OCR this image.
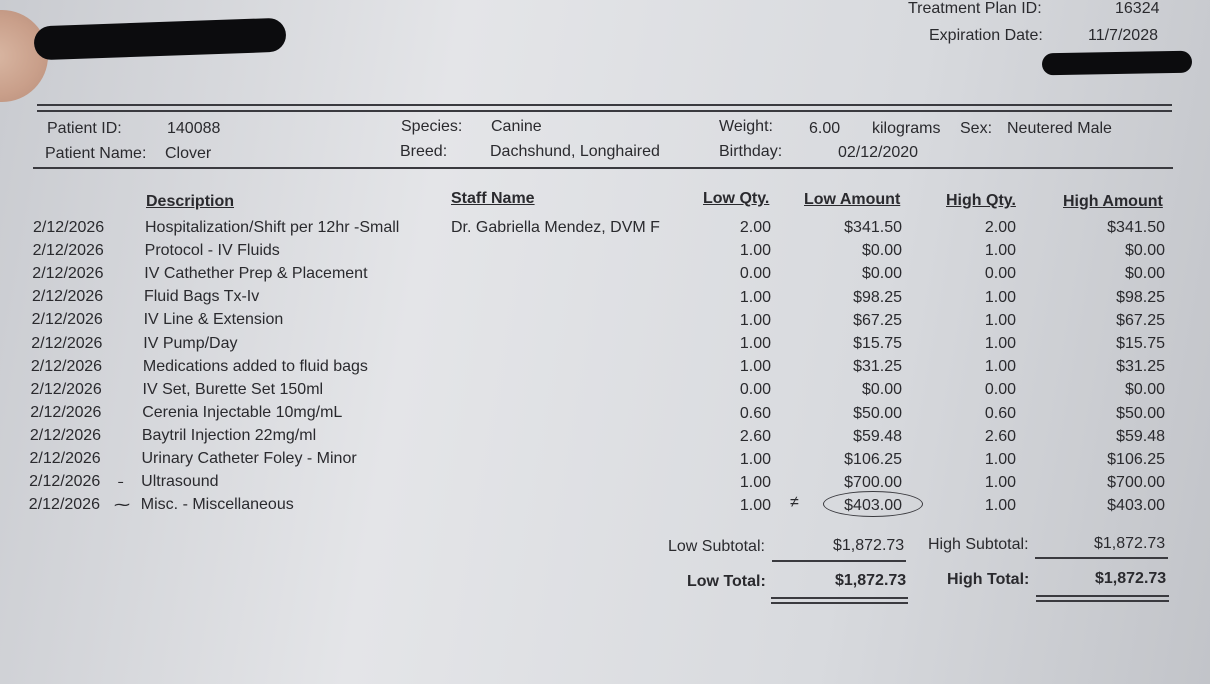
Treatment Plan ID:	16324
Expiration Date:	11/7/2028
Patient ID:	140088
Patient Name: Clover
Species: Canine
Breed:	Dachshund, Longhaired
Weight: 6.00 kilograms Sex: Neutered Male
Birthday:	02/12/2020
Description	Staff Name	Low Qty. Low Amount	High Qty.	High Amount
2/12/2026	Hospitalization/Shift per 12hr -Small	Dr. Gabriella Mendez, DVM F	2.00	$341.50	2.00	$341.50
2/12/2026	Protocol - IV Fluids	1.00	$0.00	1.00	$0.00
2/12/2026	IV Cathether Prep & Placement	0.00	$0.00	0.00	$0.00
2/12/2026	Fluid Bags Tx-Iv	1.00	$98.25	1.00	$98.25
2/12/2026	IV Line & Extension	1.00	$67.25	1.00	$67.25
2/12/2026	IV Pump/Day	1.00	$15.75	1.00	$15.75
2/12/2026	Medications added to fluid bags	1.00	$31.25	1.00	$31.25
2/12/2026	IV Set, Burette Set 150ml	0.00	$0.00	0.00	$0.00
2/12/2026	Cerenia Injectable 10mg/mL	0.60	$50.00	0.60	$50.00
2/12/2026	Baytril Injection 22mg/ml	2.60	$59.48	2.60	$59.48
2/12/2026	Urinary Catheter Foley - Minor	1.00	$106.25	1.00	$106.25
2/12/2026	Ultrasound	1.00	$700.00	1.00	$700.00
2/12/2026	Misc. - Miscellaneous	1.00	$403.00	1.00	$403.00
˗
⁓	≠
Low Subtotal:	$1,872.73 High Subtotal:	$1,872.73
Low Total:	$1,872.73	High Total:	$1,872.73
